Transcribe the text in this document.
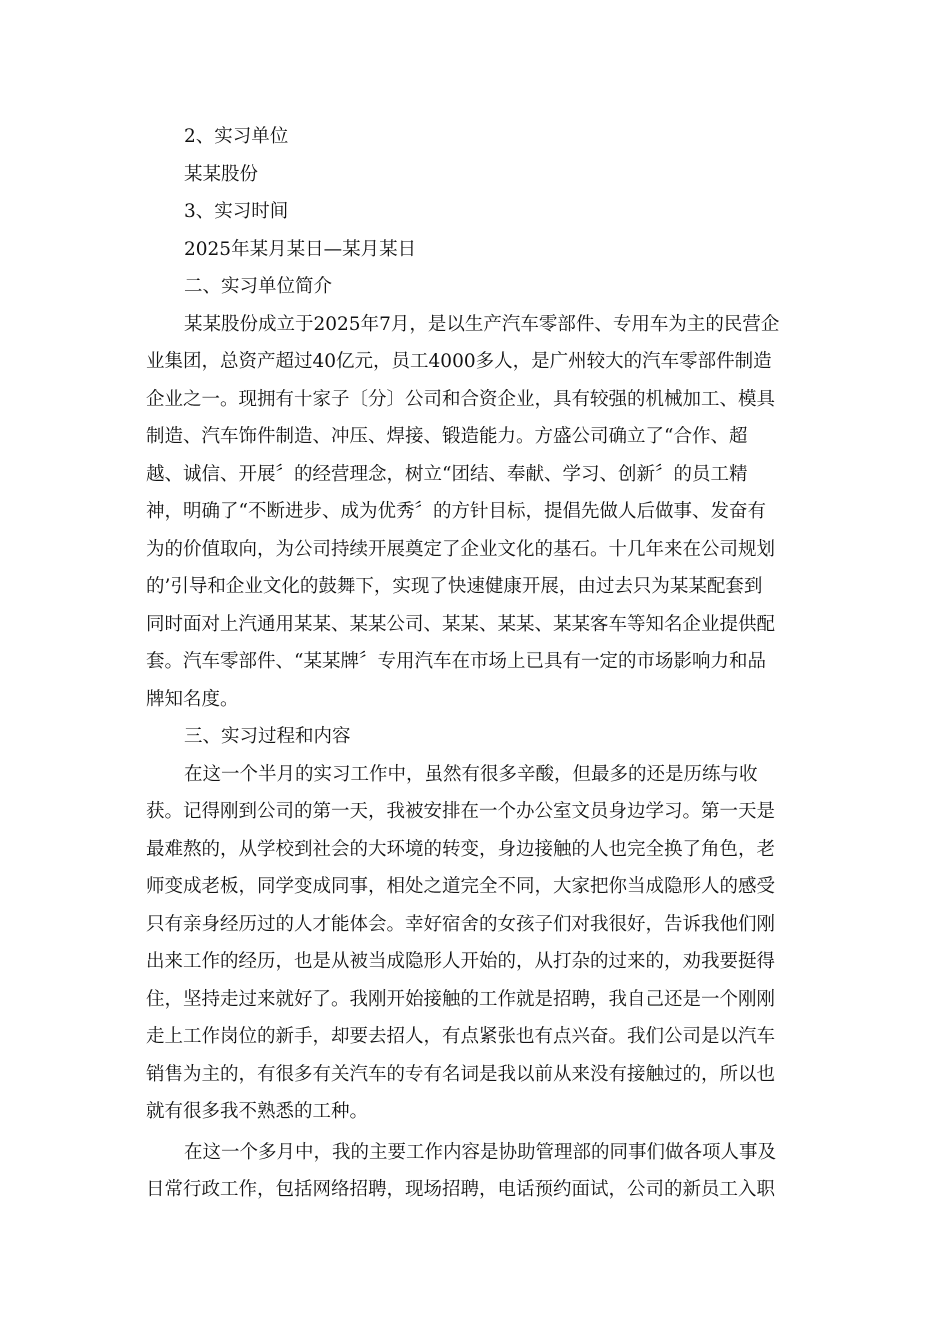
2、实习单位
某某股份
3、实习时间
2025年某月某日—某月某日
二、实习单位简介
某某股份成立于2025年7月，是以生产汽车零部件、专用车为主的民营企
业集团，总资产超过40亿元，员工4000多人，是广州较大的汽车零部件制造
企业之一。现拥有十家子〔分〕公司和合资企业，具有较强的机械加工、模具
制造、汽车饰件制造、冲压、焊接、锻造能力。方盛公司确立了“合作、超
越、诚信、开展〞的经营理念，树立“团结、奉献、学习、创新〞的员工精
神，明确了“不断进步、成为优秀〞的方针目标，提倡先做人后做事、发奋有
为的价值取向，为公司持续开展奠定了企业文化的基石。十几年来在公司规划
的’引导和企业文化的鼓舞下，实现了快速健康开展，由过去只为某某配套到
同时面对上汽通用某某、某某公司、某某、某某、某某客车等知名企业提供配
套。汽车零部件、“某某牌〞专用汽车在市场上已具有一定的市场影响力和品
牌知名度。
三、实习过程和内容
在这一个半月的实习工作中，虽然有很多辛酸，但最多的还是历练与收
获。记得刚到公司的第一天，我被安排在一个办公室文员身边学习。第一天是
最难熬的，从学校到社会的大环境的转变，身边接触的人也完全换了角色，老
师变成老板，同学变成同事，相处之道完全不同，大家把你当成隐形人的感受
只有亲身经历过的人才能体会。幸好宿舍的女孩子们对我很好，告诉我他们刚
出来工作的经历，也是从被当成隐形人开始的，从打杂的过来的，劝我要挺得
住，坚持走过来就好了。我刚开始接触的工作就是招聘，我自己还是一个刚刚
走上工作岗位的新手，却要去招人，有点紧张也有点兴奋。我们公司是以汽车
销售为主的，有很多有关汽车的专有名词是我以前从来没有接触过的，所以也
就有很多我不熟悉的工种。
在这一个多月中，我的主要工作内容是协助管理部的同事们做各项人事及
日常行政工作，包括网络招聘，现场招聘，电话预约面试，公司的新员工入职
